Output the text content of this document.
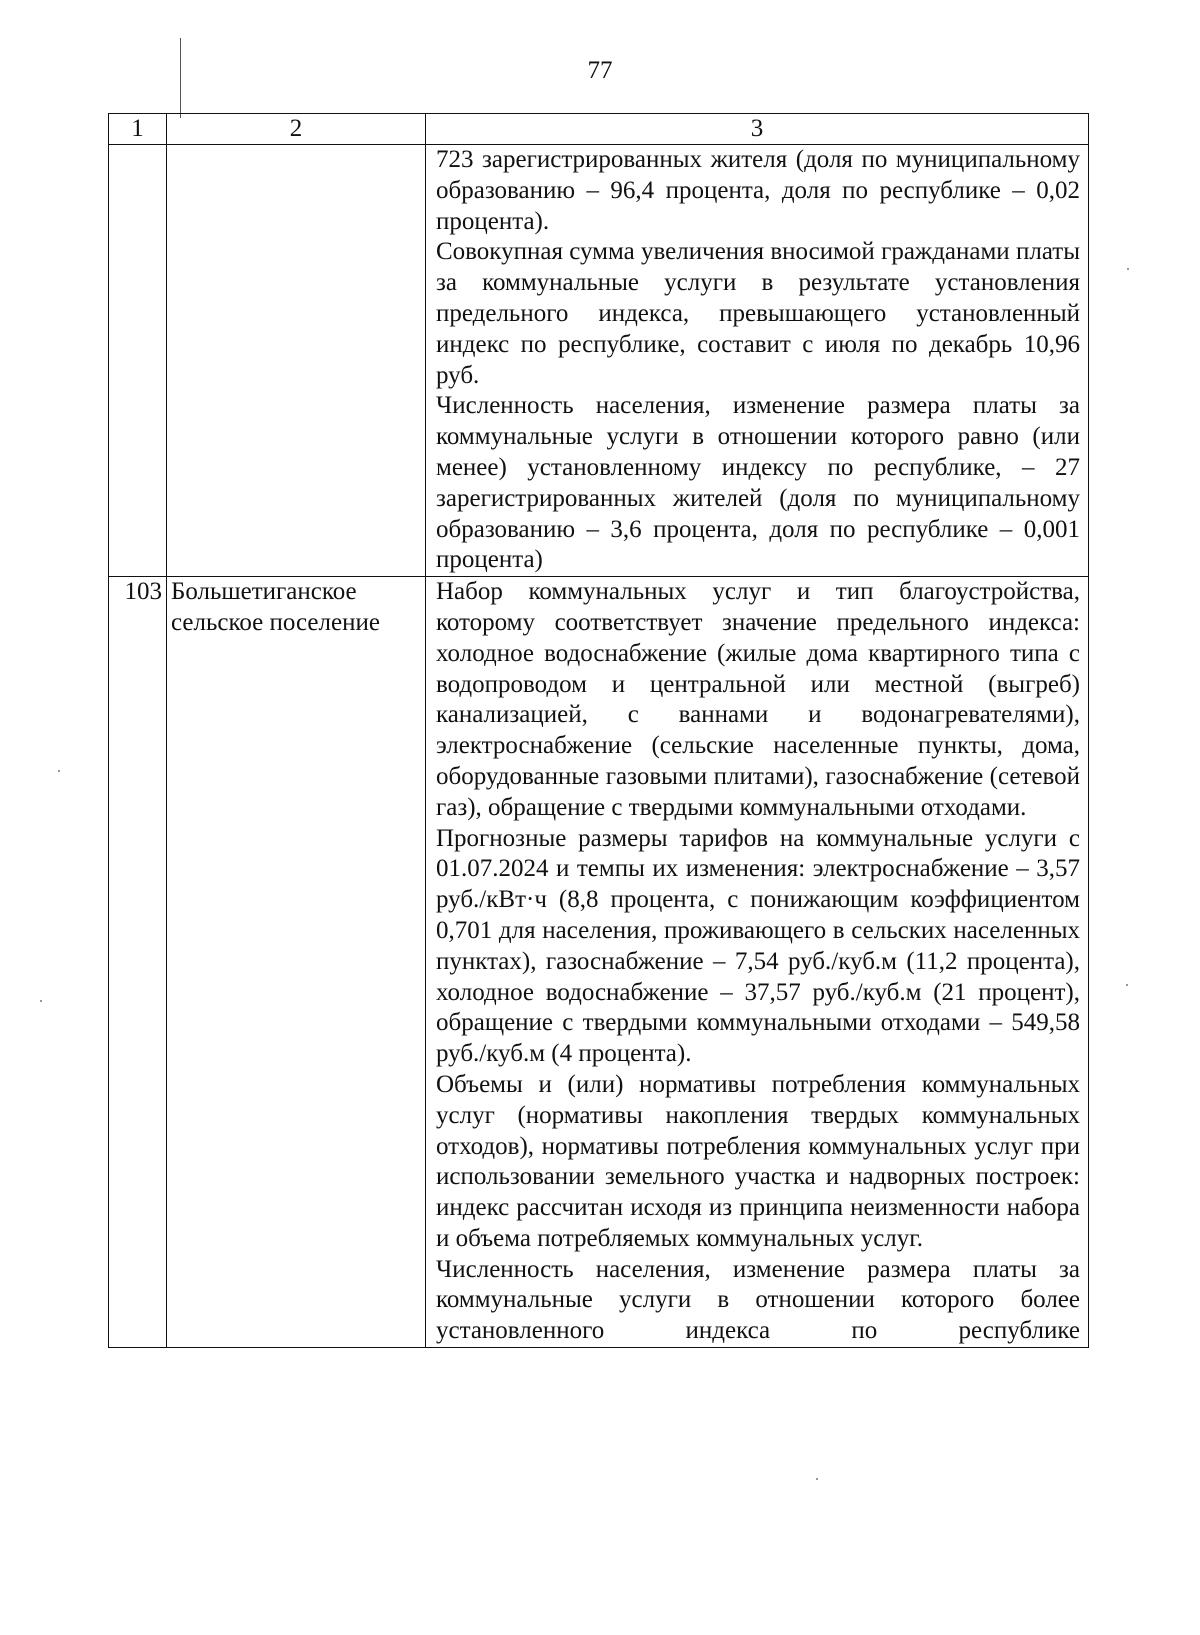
77
1	2	3

		723 зарегистрированных жителя (доля по муниципальному образованию – 96,4 процента, доля по республике – 0,02 процента).

Совокупная сумма увеличения вносимой гражданами платы за коммунальные услуги в результате установления предельного индекса, превышающего установленный индекс по республике, составит с июля по декабрь 10,96 руб.

Численность населения, изменение размера платы за коммунальные услуги в отношении которого равно (или менее) установленному индексу по республике, – 27 зарегистрированных жителей (доля по муниципальному образованию – 3,6 процента, доля по республике – 0,001 процента)

103	Большетиганское сельское поселение	Набор коммунальных услуг и тип благоустройства, которому соответствует значение предельного индекса: холодное водоснабжение (жилые дома квартирного типа с водопроводом и центральной или местной (выгреб) канализацией, с ваннами и водонагревателями), электроснабжение (сельские населенные пункты, дома, оборудованные газовыми плитами), газоснабжение (сетевой газ), обращение с твердыми коммунальными отходами.

Прогнозные размеры тарифов на коммунальные услуги с 01.07.2024 и темпы их изменения: электроснабжение – 3,57 руб./кВт·ч (8,8 процента, с понижающим коэффициентом 0,701 для населения, проживающего в сельских населенных пунктах), газоснабжение – 7,54 руб./куб.м (11,2 процента), холодное водоснабжение – 37,57 руб./куб.м (21 процент), обращение с твердыми коммунальными отходами – 549,58 руб./куб.м (4 процента).

Объемы и (или) нормативы потребления коммунальных услуг (нормативы накопления твердых коммунальных отходов), нормативы потребления коммунальных услуг при использовании земельного участка и надворных построек: индекс рассчитан исходя из принципа неизменности набора и объема потребляемых коммунальных услуг.

Численность населения, изменение размера платы за коммунальные услуги в отношении которого более установленного индекса по республике
